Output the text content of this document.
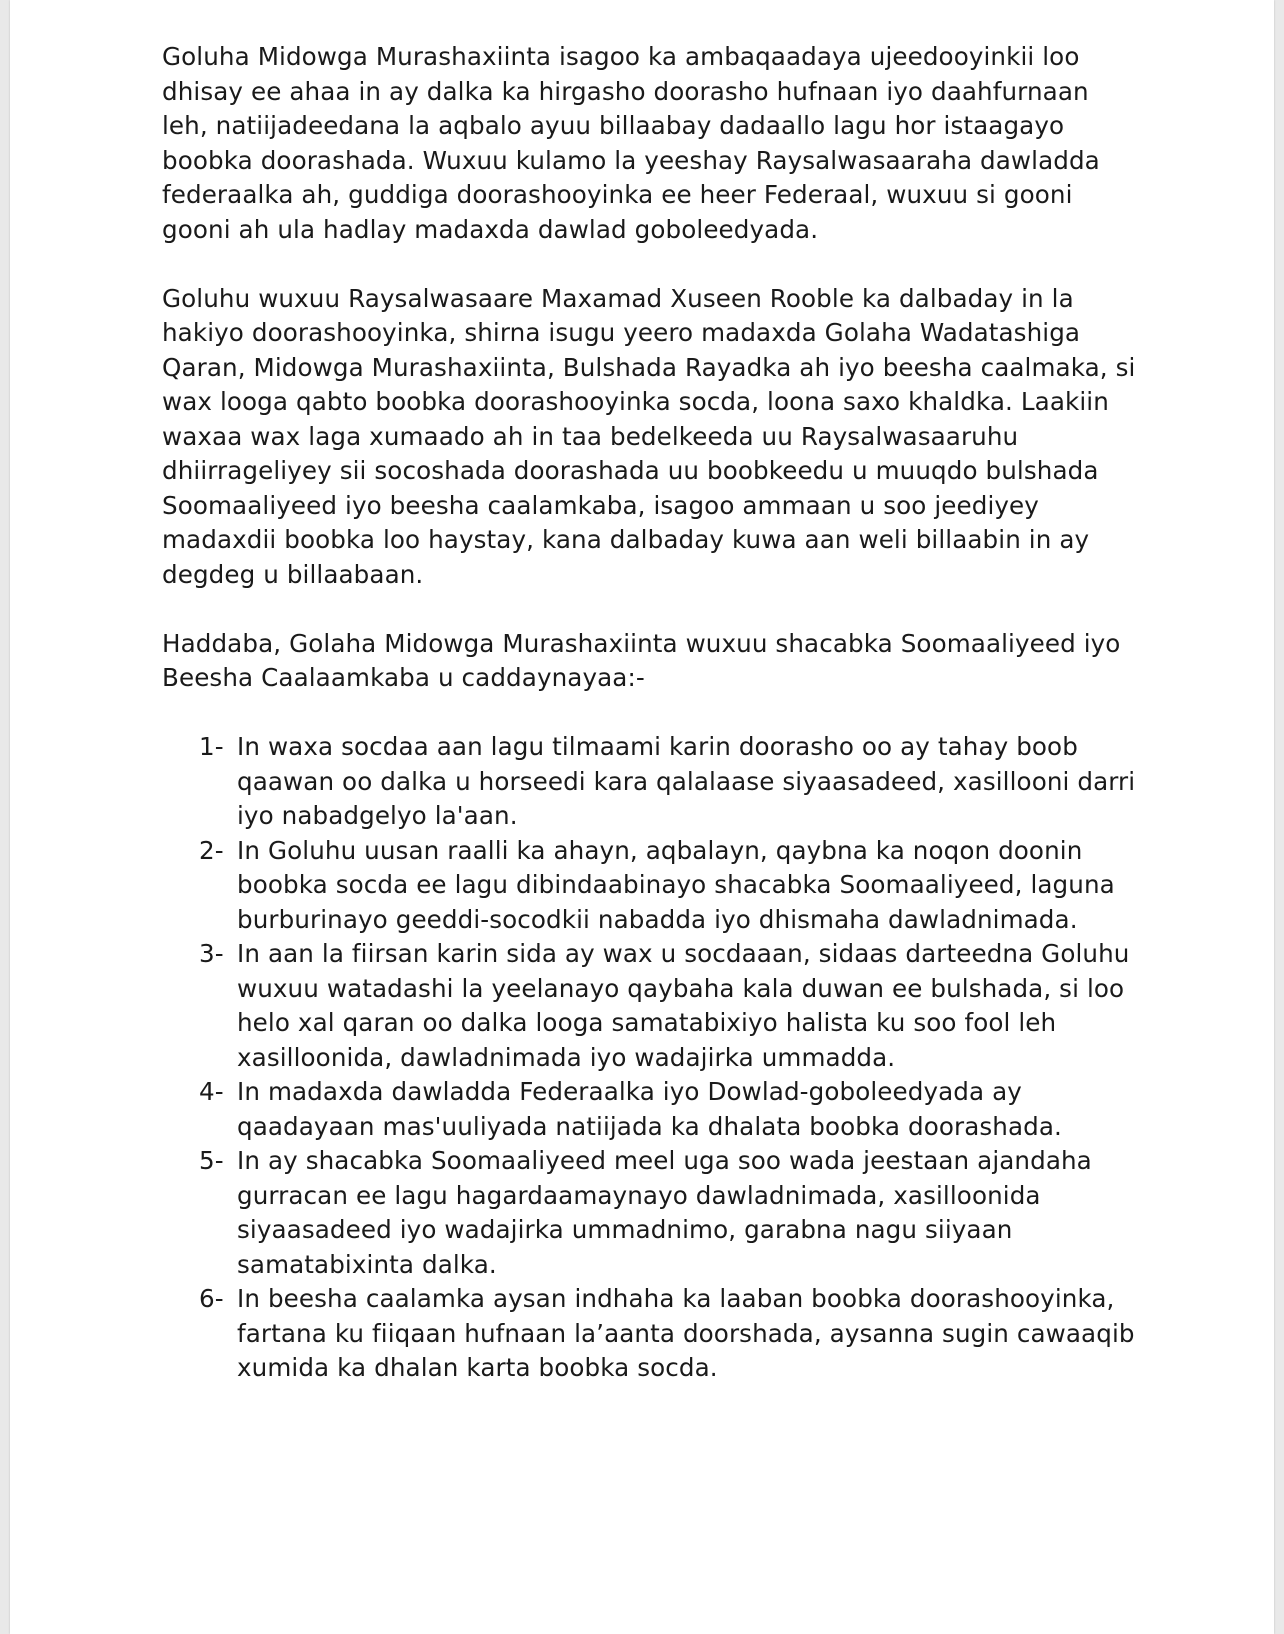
Goluha Midowga Murashaxiinta isagoo ka ambaqaadaya ujeedooyinkii loo dhisay ee ahaa in ay dalka ka hirgasho doorasho hufnaan iyo daahfurnaan leh, natiijadeedana la aqbalo ayuu billaabay dadaallo lagu hor istaagayo boobka doorashada. Wuxuu kulamo la yeeshay Raysalwasaaraha dawladda federaalka ah, guddiga doorashooyinka ee heer Federaal, wuxuu si gooni gooni ah ula hadlay madaxda dawlad goboleedyada.

Goluhu wuxuu Raysalwasaare Maxamad Xuseen Rooble ka dalbaday in la hakiyo doorashooyinka, shirna isugu yeero madaxda Golaha Wadatashiga Qaran, Midowga Murashaxiinta, Bulshada Rayadka ah iyo beesha caalmaka, si wax looga qabto boobka doorashooyinka socda, loona saxo khaldka. Laakiin waxaa wax laga xumaado ah in taa bedelkeeda uu Raysalwasaaruhu dhiirrageliyey sii socoshada doorashada uu boobkeedu u muuqdo bulshada Soomaaliyeed iyo beesha caalamkaba, isagoo ammaan u soo jeediyey madaxdii boobka loo haystay, kana dalbaday kuwa aan weli billaabin in ay degdeg u billaabaan.

Haddaba, Golaha Midowga Murashaxiinta wuxuu shacabka Soomaaliyeed iyo Beesha Caalaamkaba u caddaynayaa:-

1- In waxa socdaa aan lagu tilmaami karin doorasho oo ay tahay boob qaawan oo dalka u horseedi kara qalalaase siyaasadeed, xasillooni darri iyo nabadgelyo la'aan.
2- In Goluhu uusan raalli ka ahayn, aqbalayn, qaybna ka noqon doonin boobka socda ee lagu dibindaabinayo shacabka Soomaaliyeed, laguna burburinayo geeddi-socodkii nabadda iyo dhismaha dawladnimada.
3- In aan la fiirsan karin sida ay wax u socdaaan, sidaas darteedna Goluhu wuxuu watadashi la yeelanayo qaybaha kala duwan ee bulshada, si loo helo xal qaran oo dalka looga samatabixiyo halista ku soo fool leh xasilloonida, dawladnimada iyo wadajirka ummadda.
4- In madaxda dawladda Federaalka iyo Dowlad-goboleedyada ay qaadayaan mas'uuliyada natiijada ka dhalata boobka doorashada.
5- In ay shacabka Soomaaliyeed meel uga soo wada jeestaan ajandaha gurracan ee lagu hagardaamaynayo dawladnimada, xasilloonida siyaasadeed iyo wadajirka ummadnimo, garabna nagu siiyaan samatabixinta dalka.
6- In beesha caalamka aysan indhaha ka laaban boobka doorashooyinka, fartana ku fiiqaan hufnaan la’aanta doorshada, aysanna sugin cawaaqib xumida ka dhalan karta boobka socda.
